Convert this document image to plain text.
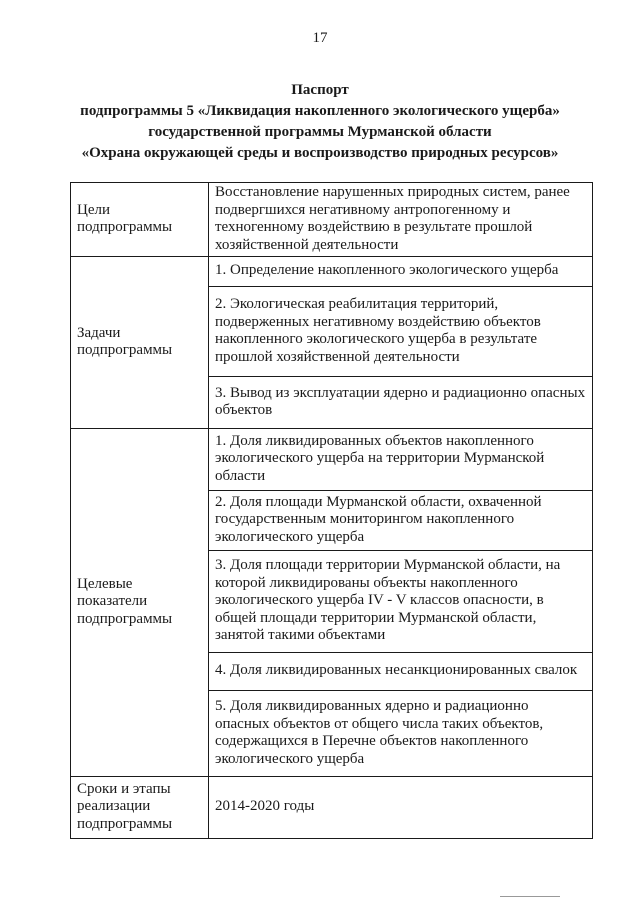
17
Паспорт
подпрограммы 5 «Ликвидация накопленного экологического ущерба»
государственной программы Мурманской области
«Охрана окружающей среды и воспроизводство природных ресурсов»
Цели подпрограммы	Восстановление нарушенных природных систем, ранее подвергшихся негативному антропогенному и техногенному воздействию в результате прошлой хозяйственной деятельности
Задачи подпрограммы	1. Определение накопленного экологического ущерба
	2. Экологическая реабилитация территорий, подверженных негативному воздействию объектов накопленного экологического ущерба в результате прошлой хозяйственной деятельности
	3. Вывод из эксплуатации ядерно и радиационно опасных объектов
Целевые показатели подпрограммы	1. Доля ликвидированных объектов накопленного экологического ущерба на территории Мурманской области
	2. Доля площади Мурманской области, охваченной государственным мониторингом накопленного экологического ущерба
	3. Доля площади территории Мурманской области, на которой ликвидированы объекты накопленного экологического ущерба IV - V классов опасности, в общей площади территории Мурманской области, занятой такими объектами
	4. Доля ликвидированных несанкционированных свалок
	5. Доля ликвидированных ядерно и радиационно опасных объектов от общего числа таких объектов, содержащихся в Перечне объектов накопленного экологического ущерба
Сроки и этапы реализации подпрограммы	2014-2020 годы
